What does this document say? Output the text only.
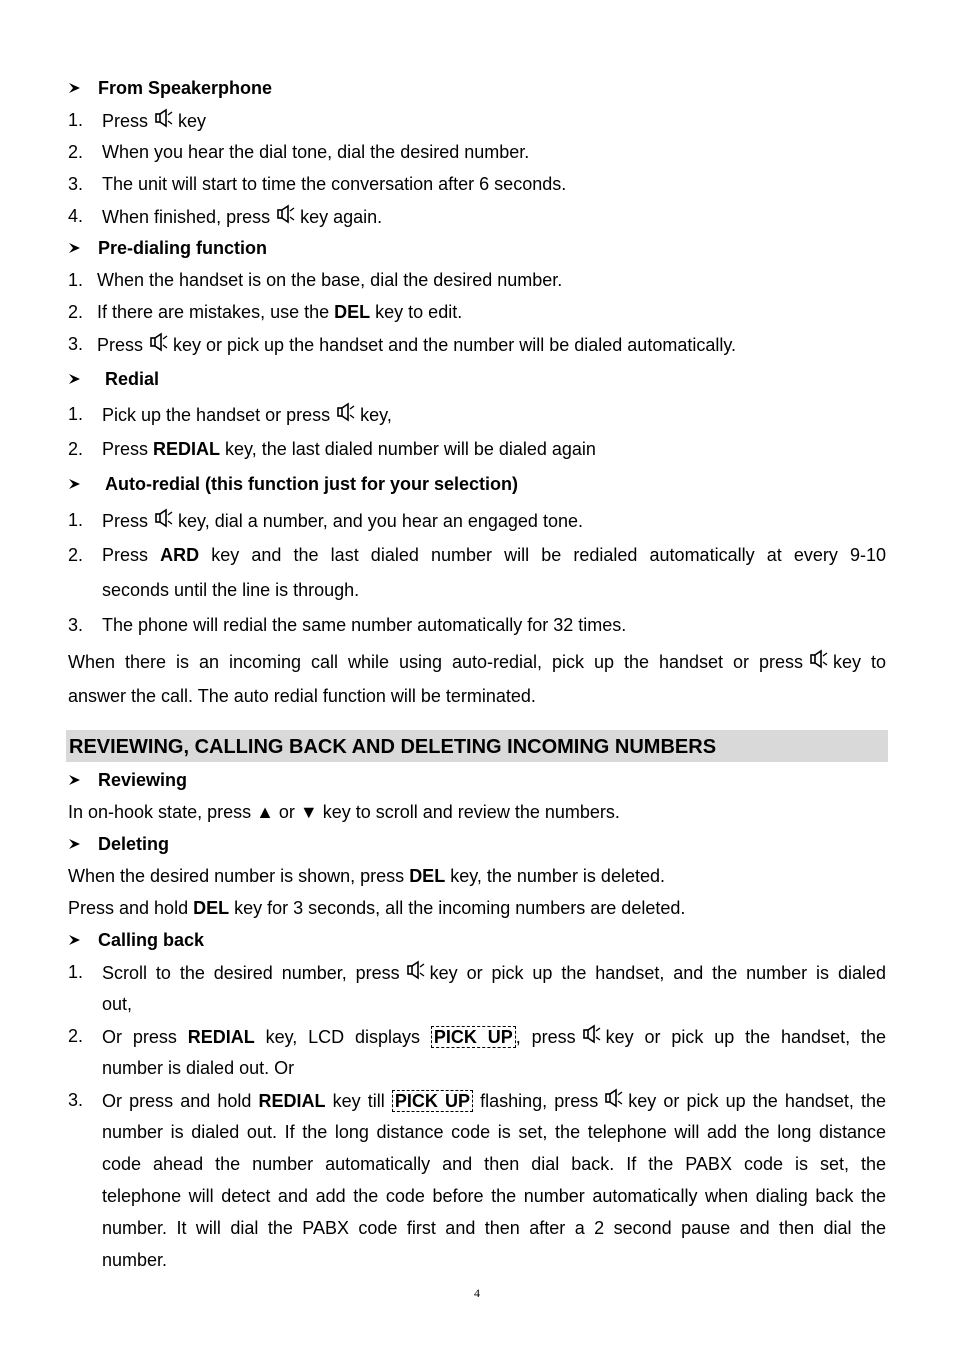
From Speakerphone
1. Press key
2. When you hear the dial tone, dial the desired number.
3. The unit will start to time the conversation after 6 seconds.
4. When finished, press key again.
Pre-dialing function
1. When the handset is on the base, dial the desired number.
2. If there are mistakes, use the DEL key to edit.
3. Press key or pick up the handset and the number will be dialed automatically.
Redial
1. Pick up the handset or press key,
2. Press REDIAL key, the last dialed number will be dialed again
Auto-redial (this function just for your selection)
1. Press key, dial a number, and you hear an engaged tone.
2. Press ARD key and the last dialed number will be redialed automatically at every 9-10
seconds until the line is through.
3. The phone will redial the same number automatically for 32 times.
When there is an incoming call while using auto-redial, pick up the handset or press key to
answer the call. The auto redial function will be terminated.
REVIEWING, CALLING BACK AND DELETING INCOMING NUMBERS
Reviewing
In on-hook state, press ▲ or ▼ key to scroll and review the numbers.
Deleting
When the desired number is shown, press DEL key, the number is deleted.
Press and hold DEL key for 3 seconds, all the incoming numbers are deleted.
Calling back
1. Scroll to the desired number, press key or pick up the handset, and the number is dialed
out,
2. Or press REDIAL key, LCD displays PICK UP , press key or pick up the handset, the
number is dialed out. Or
3. Or press and hold REDIAL key till PICK UP flashing, press key or pick up the handset, the
number is dialed out. If the long distance code is set, the telephone will add the long distance
code ahead the number automatically and then dial back. If the PABX code is set, the
telephone will detect and add the code before the number automatically when dialing back the
number. It will dial the PABX code first and then after a 2 second pause and then dial the
number.
4
